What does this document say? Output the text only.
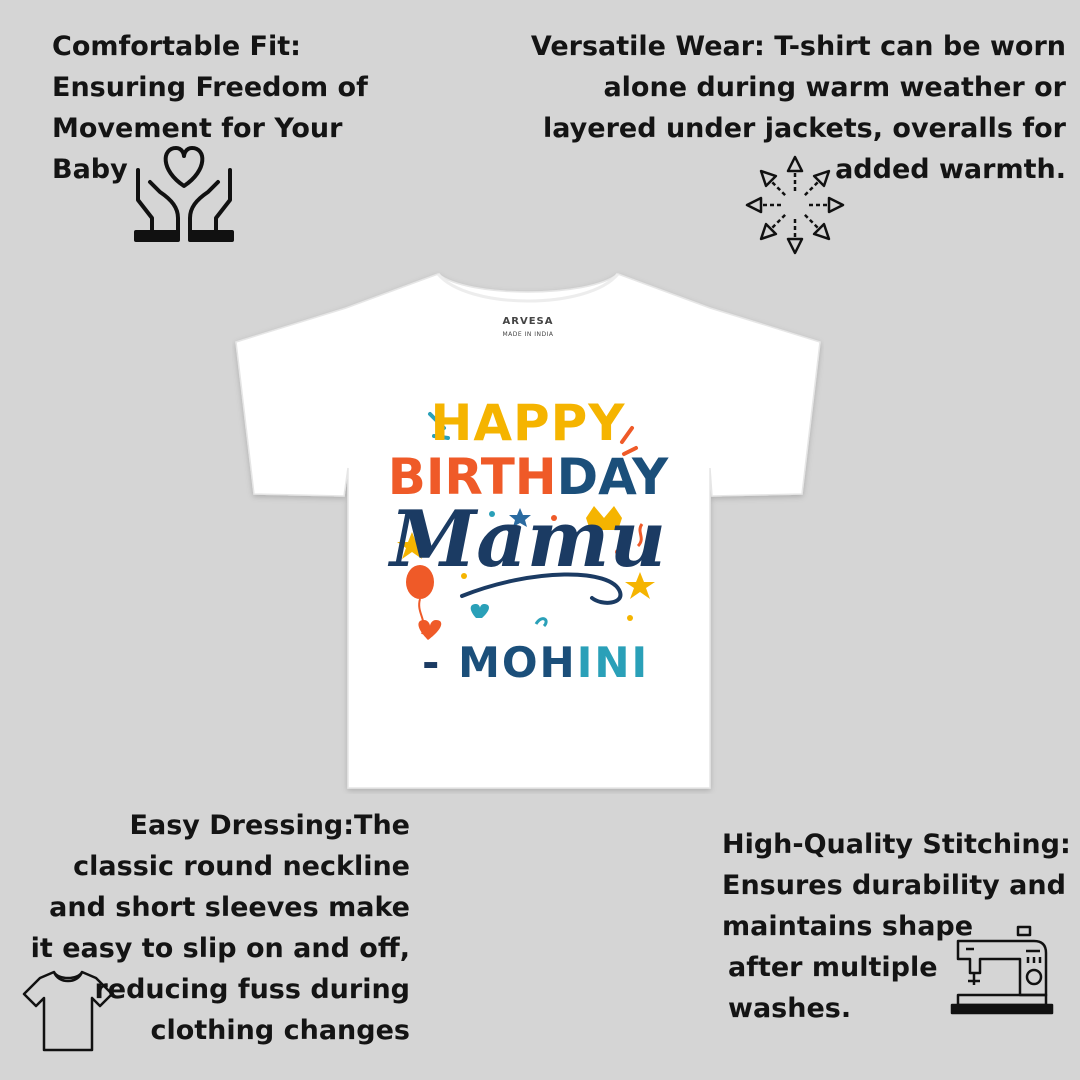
Comfortable Fit:
Ensuring Freedom of
Movement for Your
Baby

Versatile Wear: T-shirt can be worn
alone during warm weather or
layered under jackets, overalls for
added warmth.

Easy Dressing:The
classic round neckline
and short sleeves make
it easy to slip on and off,
reducing fuss during
clothing changes

High-Quality Stitching:
Ensures durability and
maintains shape
after multiple
washes.

ARVESA
MADE IN INDIA
HAPPY
BIRTHDAY
Mamu
- MOHINI
